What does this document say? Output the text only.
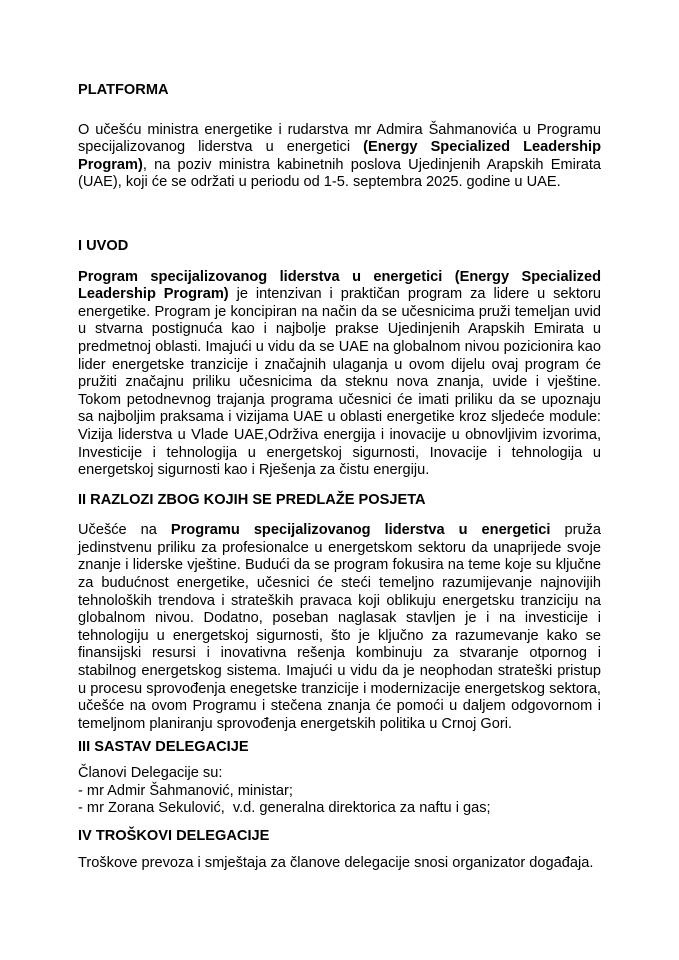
PLATFORMA

O učešću ministra energetike i rudarstva mr Admira Šahmanovića u Programu specijalizovanog liderstva u energetici (Energy Specialized Leadership Program), na poziv ministra kabinetnih poslova Ujedinjenih Arapskih Emirata (UAE), koji će se održati u periodu od 1-5. septembra 2025. godine u UAE.

I UVOD

Program specijalizovanog liderstva u energetici (Energy Specialized Leadership Program) je intenzivan i praktičan program za lidere u sektoru energetike. Program je koncipiran na način da se učesnicima pruži temeljan uvid u stvarna postignuća kao i najbolje prakse Ujedinjenih Arapskih Emirata u predmetnoj oblasti. Imajući u vidu da se UAE na globalnom nivou pozicionira kao lider energetske tranzicije i značajnih ulaganja u ovom dijelu ovaj program će pružiti značajnu priliku učesnicima da steknu nova znanja, uvide i vještine. Tokom petodnevnog trajanja programa učesnici će imati priliku da se upoznaju sa najboljim praksama i vizijama UAE u oblasti energetike kroz sljedeće module: Vizija liderstva u Vlade UAE,Održiva energija i inovacije u obnovljivim izvorima, Investicije i tehnologija u energetskoj sigurnosti, Inovacije i tehnologija u energetskoj sigurnosti kao i Rješenja za čistu energiju.

II RAZLOZI ZBOG KOJIH SE PREDLAŽE POSJETA

Učešće na Programu specijalizovanog liderstva u energetici pruža jedinstvenu priliku za profesionalce u energetskom sektoru da unaprijede svoje znanje i liderske vještine. Budući da se program fokusira na teme koje su ključne za budućnost energetike, učesnici će steći temeljno razumijevanje najnovijih tehnoloških trendova i strateških pravaca koji oblikuju energetsku tranziciju na globalnom nivou. Dodatno, poseban naglasak stavljen je i na investicije i tehnologiju u energetskoj sigurnosti, što je ključno za razumevanje kako se finansijski resursi i inovativna rešenja kombinuju za stvaranje otpornog i stabilnog energetskog sistema. Imajući u vidu da je neophodan strateški pristup u procesu sprovođenja enegetske tranzicije i modernizacije energetskog sektora, učešće na ovom Programu i stečena znanja će pomoći u daljem odgovornom i temeljnom planiranju sprovođenja energetskih politika u Crnoj Gori.

III SASTAV DELEGACIJE
Članovi Delegacije su:
- mr Admir Šahmanović, ministar;
- mr Zorana Sekulović,  v.d. generalna direktorica za naftu i gas;
IV TROŠKOVI DELEGACIJE

Troškove prevoza i smještaja za članove delegacije snosi organizator događaja.
